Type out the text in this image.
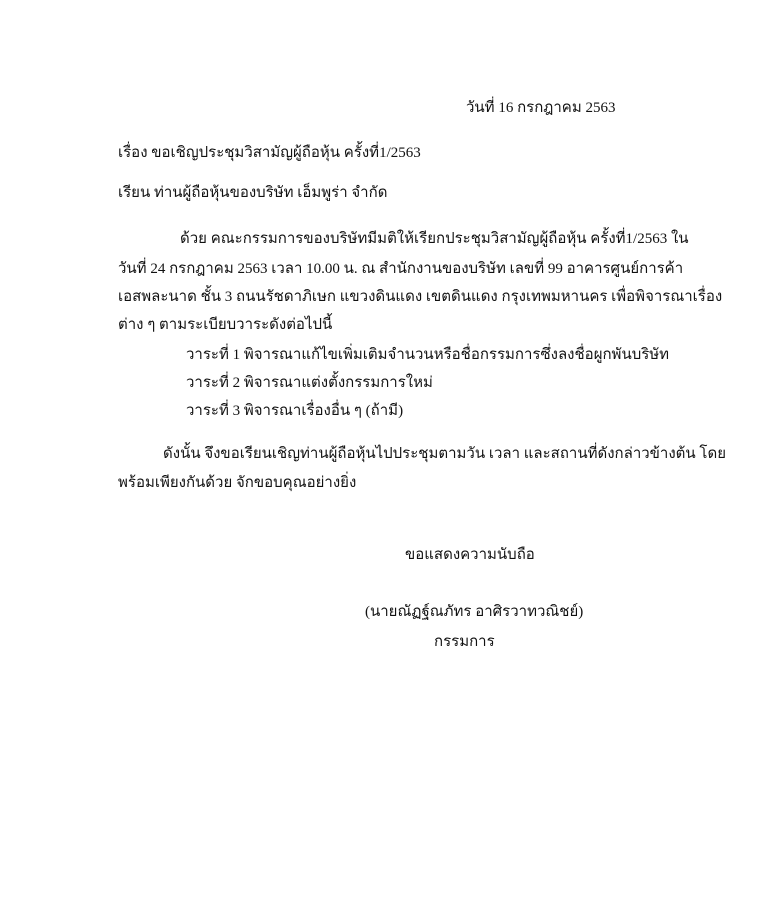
วันที่ 16 กรกฎาคม 2563
เรื่อง ขอเชิญประชุมวิสามัญผู้ถือหุ้น ครั้งที่1/2563
เรียน ท่านผู้ถือหุ้นของบริษัท เอ็มพูร่า จำกัด
ด้วย คณะกรรมการของบริษัทมีมติให้เรียกประชุมวิสามัญผู้ถือหุ้น ครั้งที่1/2563 ใน
วันที่ 24 กรกฎาคม 2563 เวลา 10.00 น. ณ สำนักงานของบริษัท เลขที่ 99 อาคารศูนย์การค้า
เอสพละนาด ชั้น 3 ถนนรัชดาภิเษก แขวงดินแดง เขตดินแดง กรุงเทพมหานคร เพื่อพิจารณาเรื่อง
ต่าง ๆ ตามระเบียบวาระดังต่อไปนี้
วาระที่ 1 พิจารณาแก้ไขเพิ่มเติมจำนวนหรือชื่อกรรมการซึ่งลงชื่อผูกพันบริษัท
วาระที่ 2 พิจารณาแต่งตั้งกรรมการใหม่
วาระที่ 3 พิจารณาเรื่องอื่น ๆ (ถ้ามี)
ดังนั้น จึงขอเรียนเชิญท่านผู้ถือหุ้นไปประชุมตามวัน เวลา และสถานที่ดังกล่าวข้างต้น โดย
พร้อมเพียงกันด้วย จักขอบคุณอย่างยิ่ง
ขอแสดงความนับถือ
(นายณัฏฐ์ณภัทร อาศิรวาทวณิชย์)
กรรมการ
